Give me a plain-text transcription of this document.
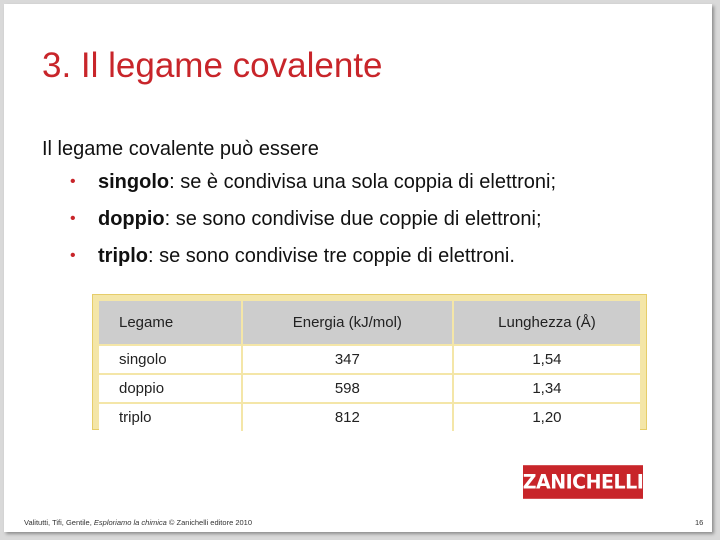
3. Il legame covalente
Il legame covalente può essere
•	singolo: se è condivisa una sola coppia di elettroni;
•	doppio: se sono condivise due coppie di elettroni;
•	triplo: se sono condivise tre coppie di elettroni.
Legame	Energia (kJ/mol)	Lunghezza (Å)
singolo	347	1,54
doppio	598	1,34
triplo	812	1,20
ZANICHELLI
Valitutti, Tifi, Gentile, Esploriamo la chimica © Zanichelli editore 2010	16
